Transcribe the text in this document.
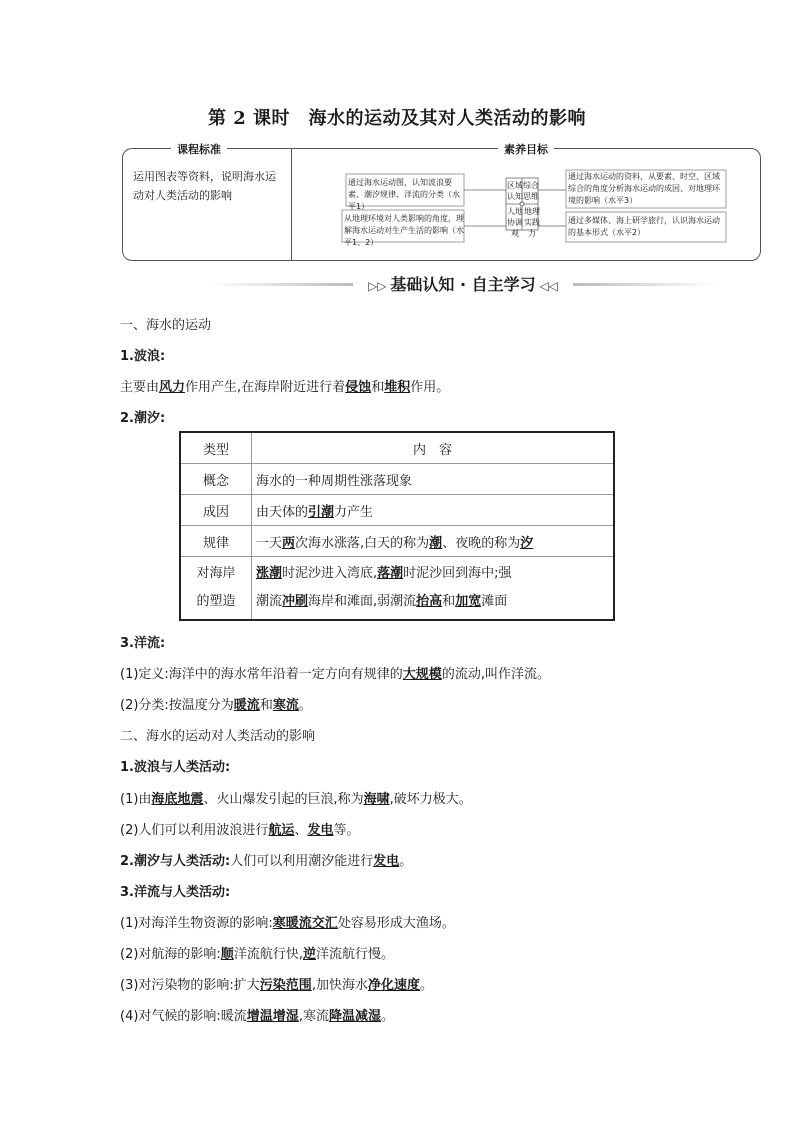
第 2 课时　海水的运动及其对人类活动的影响
课程标准	素养目标
运用图表等资料，说明海水运动对人类活动的影响
通过海水运动图，认知波浪要素、潮汐规律、洋流的分类（水平1）
从地理环境对人类影响的角度，理解海水运动对生产生活的影响（水平1、2）
通过海水运动的资料，从要素、时空、区域综合的角度分析海水运动的成因、对地理环境的影响（水平3）
通过多媒体、海上研学旅行，认识海水运动的基本形式（水平2）
区域认知
综合思维
人地协调观
地理实践力
▷▷ 基础认知 · 自主学习 ◁◁
一、海水的运动
1.波浪:
主要由风力作用产生,在海岸附近进行着侵蚀和堆积作用。
2.潮汐:
类型	内　容
概念	海水的一种周期性涨落现象
成因	由天体的引潮力产生
规律	一天两次海水涨落,白天的称为潮、夜晚的称为汐
对海岸
的塑造	涨潮时泥沙进入湾底,落潮时泥沙回到海中;强
潮流冲刷海岸和滩面,弱潮流抬高和加宽滩面
3.洋流:
(1)定义:海洋中的海水常年沿着一定方向有规律的大规模的流动,叫作洋流。
(2)分类:按温度分为暖流和寒流。
二、海水的运动对人类活动的影响
1.波浪与人类活动:
(1)由海底地震、火山爆发引起的巨浪,称为海啸,破坏力极大。
(2)人们可以利用波浪进行航运、发电等。
2.潮汐与人类活动:人们可以利用潮汐能进行发电。
3.洋流与人类活动:
(1)对海洋生物资源的影响:寒暖流交汇处容易形成大渔场。
(2)对航海的影响:顺洋流航行快,逆洋流航行慢。
(3)对污染物的影响:扩大污染范围,加快海水净化速度。
(4)对气候的影响:暖流增温增湿,寒流降温减湿。
